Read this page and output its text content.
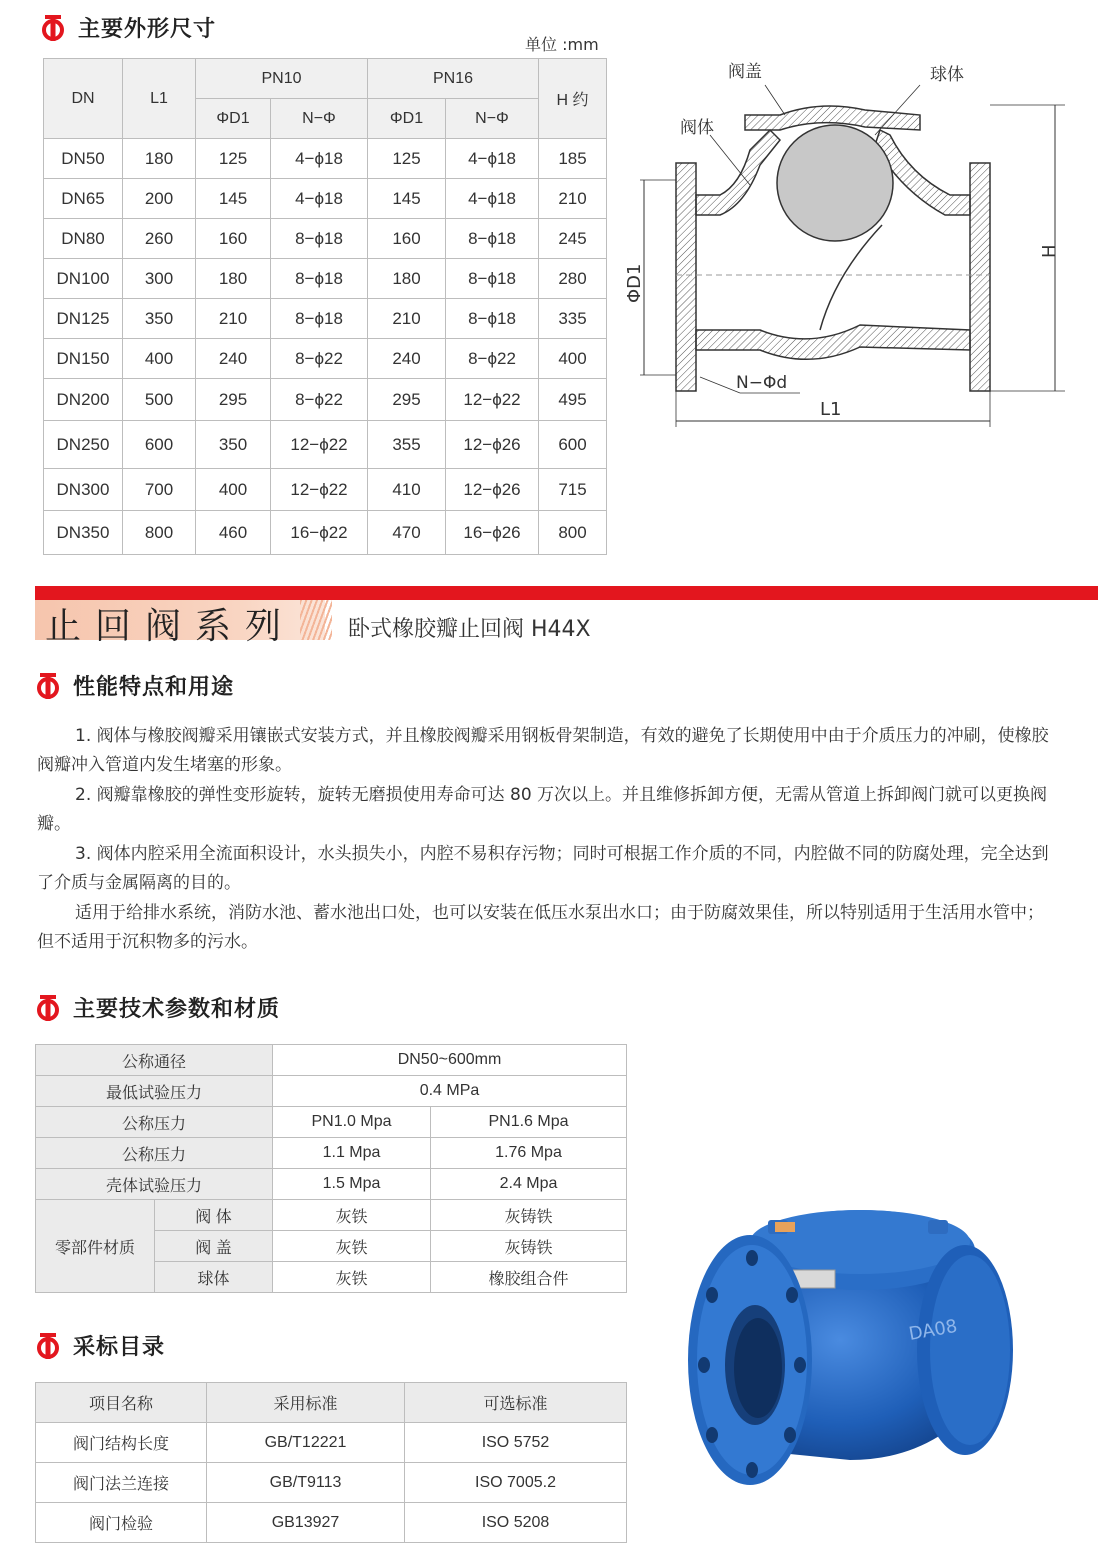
主要外形尺寸
单位 :mm
DN	L1	PN10		PN16		H 约
		ΦD1	N−Φ	ΦD1	N−Φ	
DN50	180	125	4−ϕ18	125	4−ϕ18	185
DN65	200	145	4−ϕ18	145	4−ϕ18	210
DN80	260	160	8−ϕ18	160	8−ϕ18	245
DN100	300	180	8−ϕ18	180	8−ϕ18	280
DN125	350	210	8−ϕ18	210	8−ϕ18	335
DN150	400	240	8−ϕ22	240	8−ϕ22	400
DN200	500	295	8−ϕ22	295	12−ϕ22	495
DN250	600	350	12−ϕ22	355	12−ϕ26	600
DN300	700	400	12−ϕ22	410	12−ϕ26	715
DN350	800	460	16−ϕ22	470	16−ϕ26	800
H
ΦD1
L1
N−Φd
阀盖	球体
阀体
止回阀系列 卧式橡胶瓣止回阀 H44X
性能特点和用途

1. 阀体与橡胶阀瓣采用镶嵌式安装方式，并且橡胶阀瓣采用钢板骨架制造，有效的避免了长期使用中由于介质压力的冲刷，使橡胶阀瓣冲入管道内发生堵塞的形象。

2. 阀瓣靠橡胶的弹性变形旋转，旋转无磨损使用寿命可达 80 万次以上。并且维修拆卸方便，无需从管道上拆卸阀门就可以更换阀瓣。

3. 阀体内腔采用全流面积设计，水头损失小，内腔不易积存污物；同时可根据工作介质的不同，内腔做不同的防腐处理，完全达到了介质与金属隔离的目的。

适用于给排水系统，消防水池、蓄水池出口处，也可以安装在低压水泵出水口；由于防腐效果佳，所以特别适用于生活用水管中；但不适用于沉积物多的污水。

主要技术参数和材质
公称通径		DN50~600mm	
最低试验压力		0.4 MPa	
公称压力		PN1.0 Mpa	PN1.6 Mpa
公称压力		1.1 Mpa	1.76 Mpa
壳体试验压力		1.5 Mpa	2.4 Mpa
零部件材质	阀 体	灰铁	灰铸铁
	阀 盖	灰铁	灰铸铁
	球体	灰铁	橡胶组合件
采标目录
项目名称	采用标准	可选标准
阀门结构长度	GB/T12221	ISO 5752
阀门法兰连接	GB/T9113	ISO 7005.2
阀门检验	GB13927	ISO 5208
DA08
